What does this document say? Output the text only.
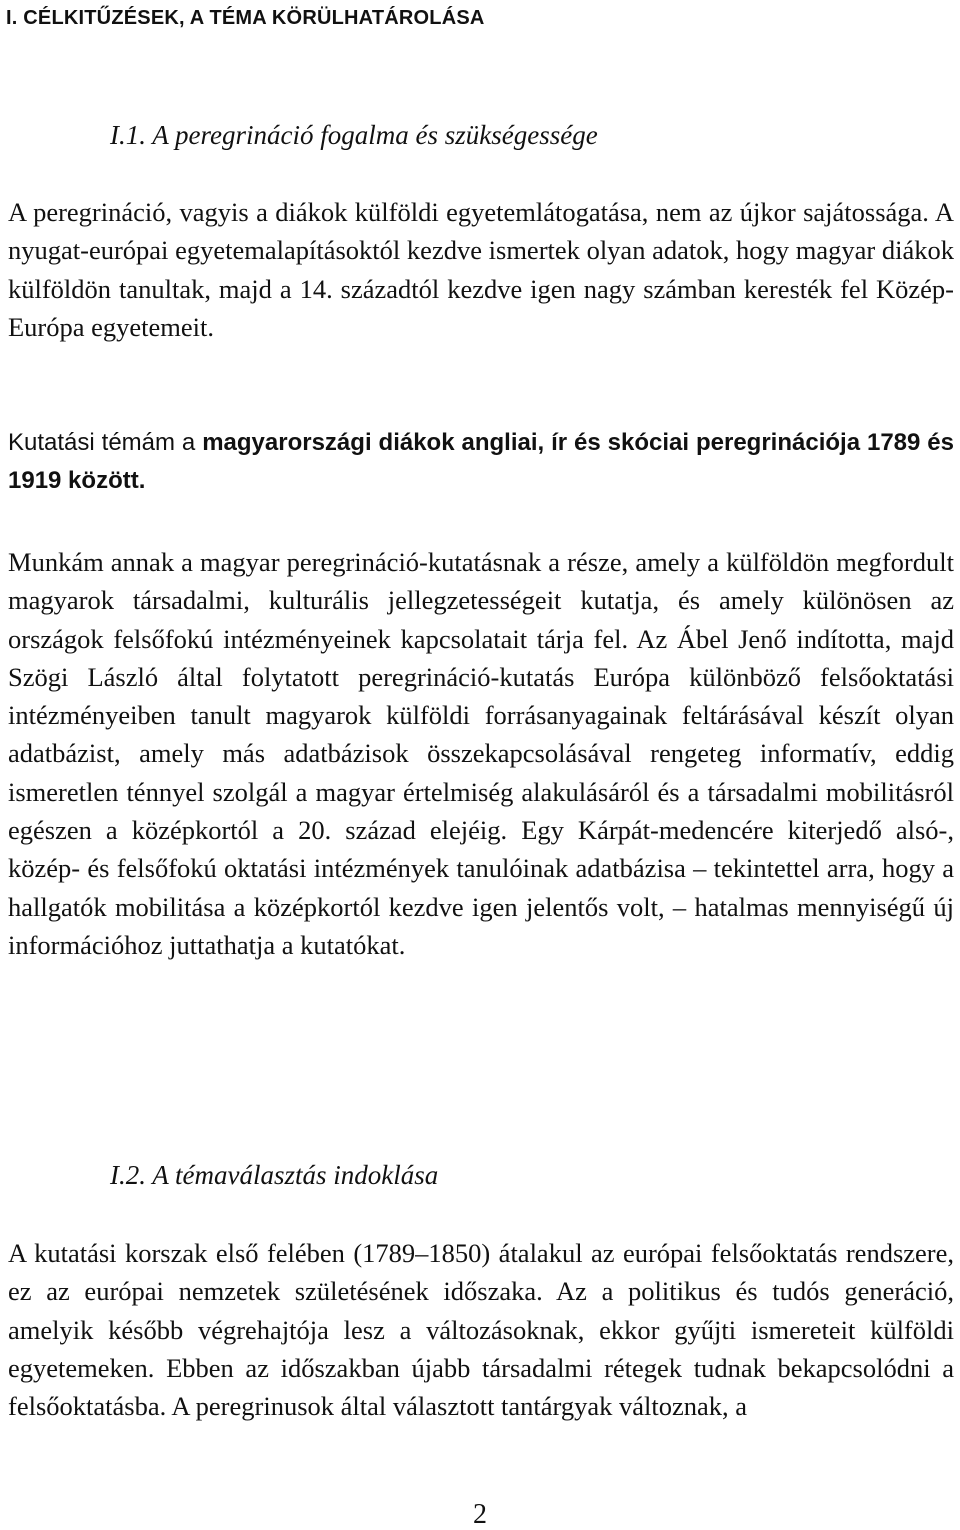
I. CÉLKITŰZÉSEK, A TÉMA KÖRÜLHATÁROLÁSA
I.1. A peregrináció fogalma és szükségessége

A peregrináció, vagyis a diákok külföldi egyetemlátogatása, nem az újkor sajátossága. A nyugat-európai egyetemalapításoktól kezdve ismertek olyan adatok, hogy magyar diákok külföldön tanultak, majd a 14. századtól kezdve igen nagy számban keresték fel Közép-Európa egyetemeit.

Kutatási témám a magyarországi diákok angliai, ír és skóciai peregrinációja 1789 és 1919 között.

Munkám annak a magyar peregrináció-kutatásnak a része, amely a külföldön megfordult magyarok társadalmi, kulturális jellegzetességeit kutatja, és amely különösen az országok felsőfokú intézményeinek kapcsolatait tárja fel. Az Ábel Jenő indította, majd Szögi László által folytatott peregrináció-kutatás Európa különböző felsőoktatási intézményeiben tanult magyarok külföldi forrásanyagainak feltárásával készít olyan adatbázist, amely más adatbázisok összekapcsolásával rengeteg informatív, eddig ismeretlen ténnyel szolgál a magyar értelmiség alakulásáról és a társadalmi mobilitásról egészen a középkortól a 20. század elejéig. Egy Kárpát-medencére kiterjedő alsó-, közép- és felsőfokú oktatási intézmények tanulóinak adatbázisa – tekintettel arra, hogy a hallgatók mobilitása a középkortól kezdve igen jelentős volt, – hatalmas mennyiségű új információhoz juttathatja a kutatókat.

I.2. A témaválasztás indoklása

A kutatási korszak első felében (1789–1850) átalakul az európai felsőoktatás rendszere, ez az európai nemzetek születésének időszaka. Az a politikus és tudós generáció, amelyik később végrehajtója lesz a változásoknak, ekkor gyűjti ismereteit külföldi egyetemeken. Ebben az időszakban újabb társadalmi rétegek tudnak bekapcsolódni a felsőoktatásba. A peregrinusok által választott tantárgyak változnak, a

2
